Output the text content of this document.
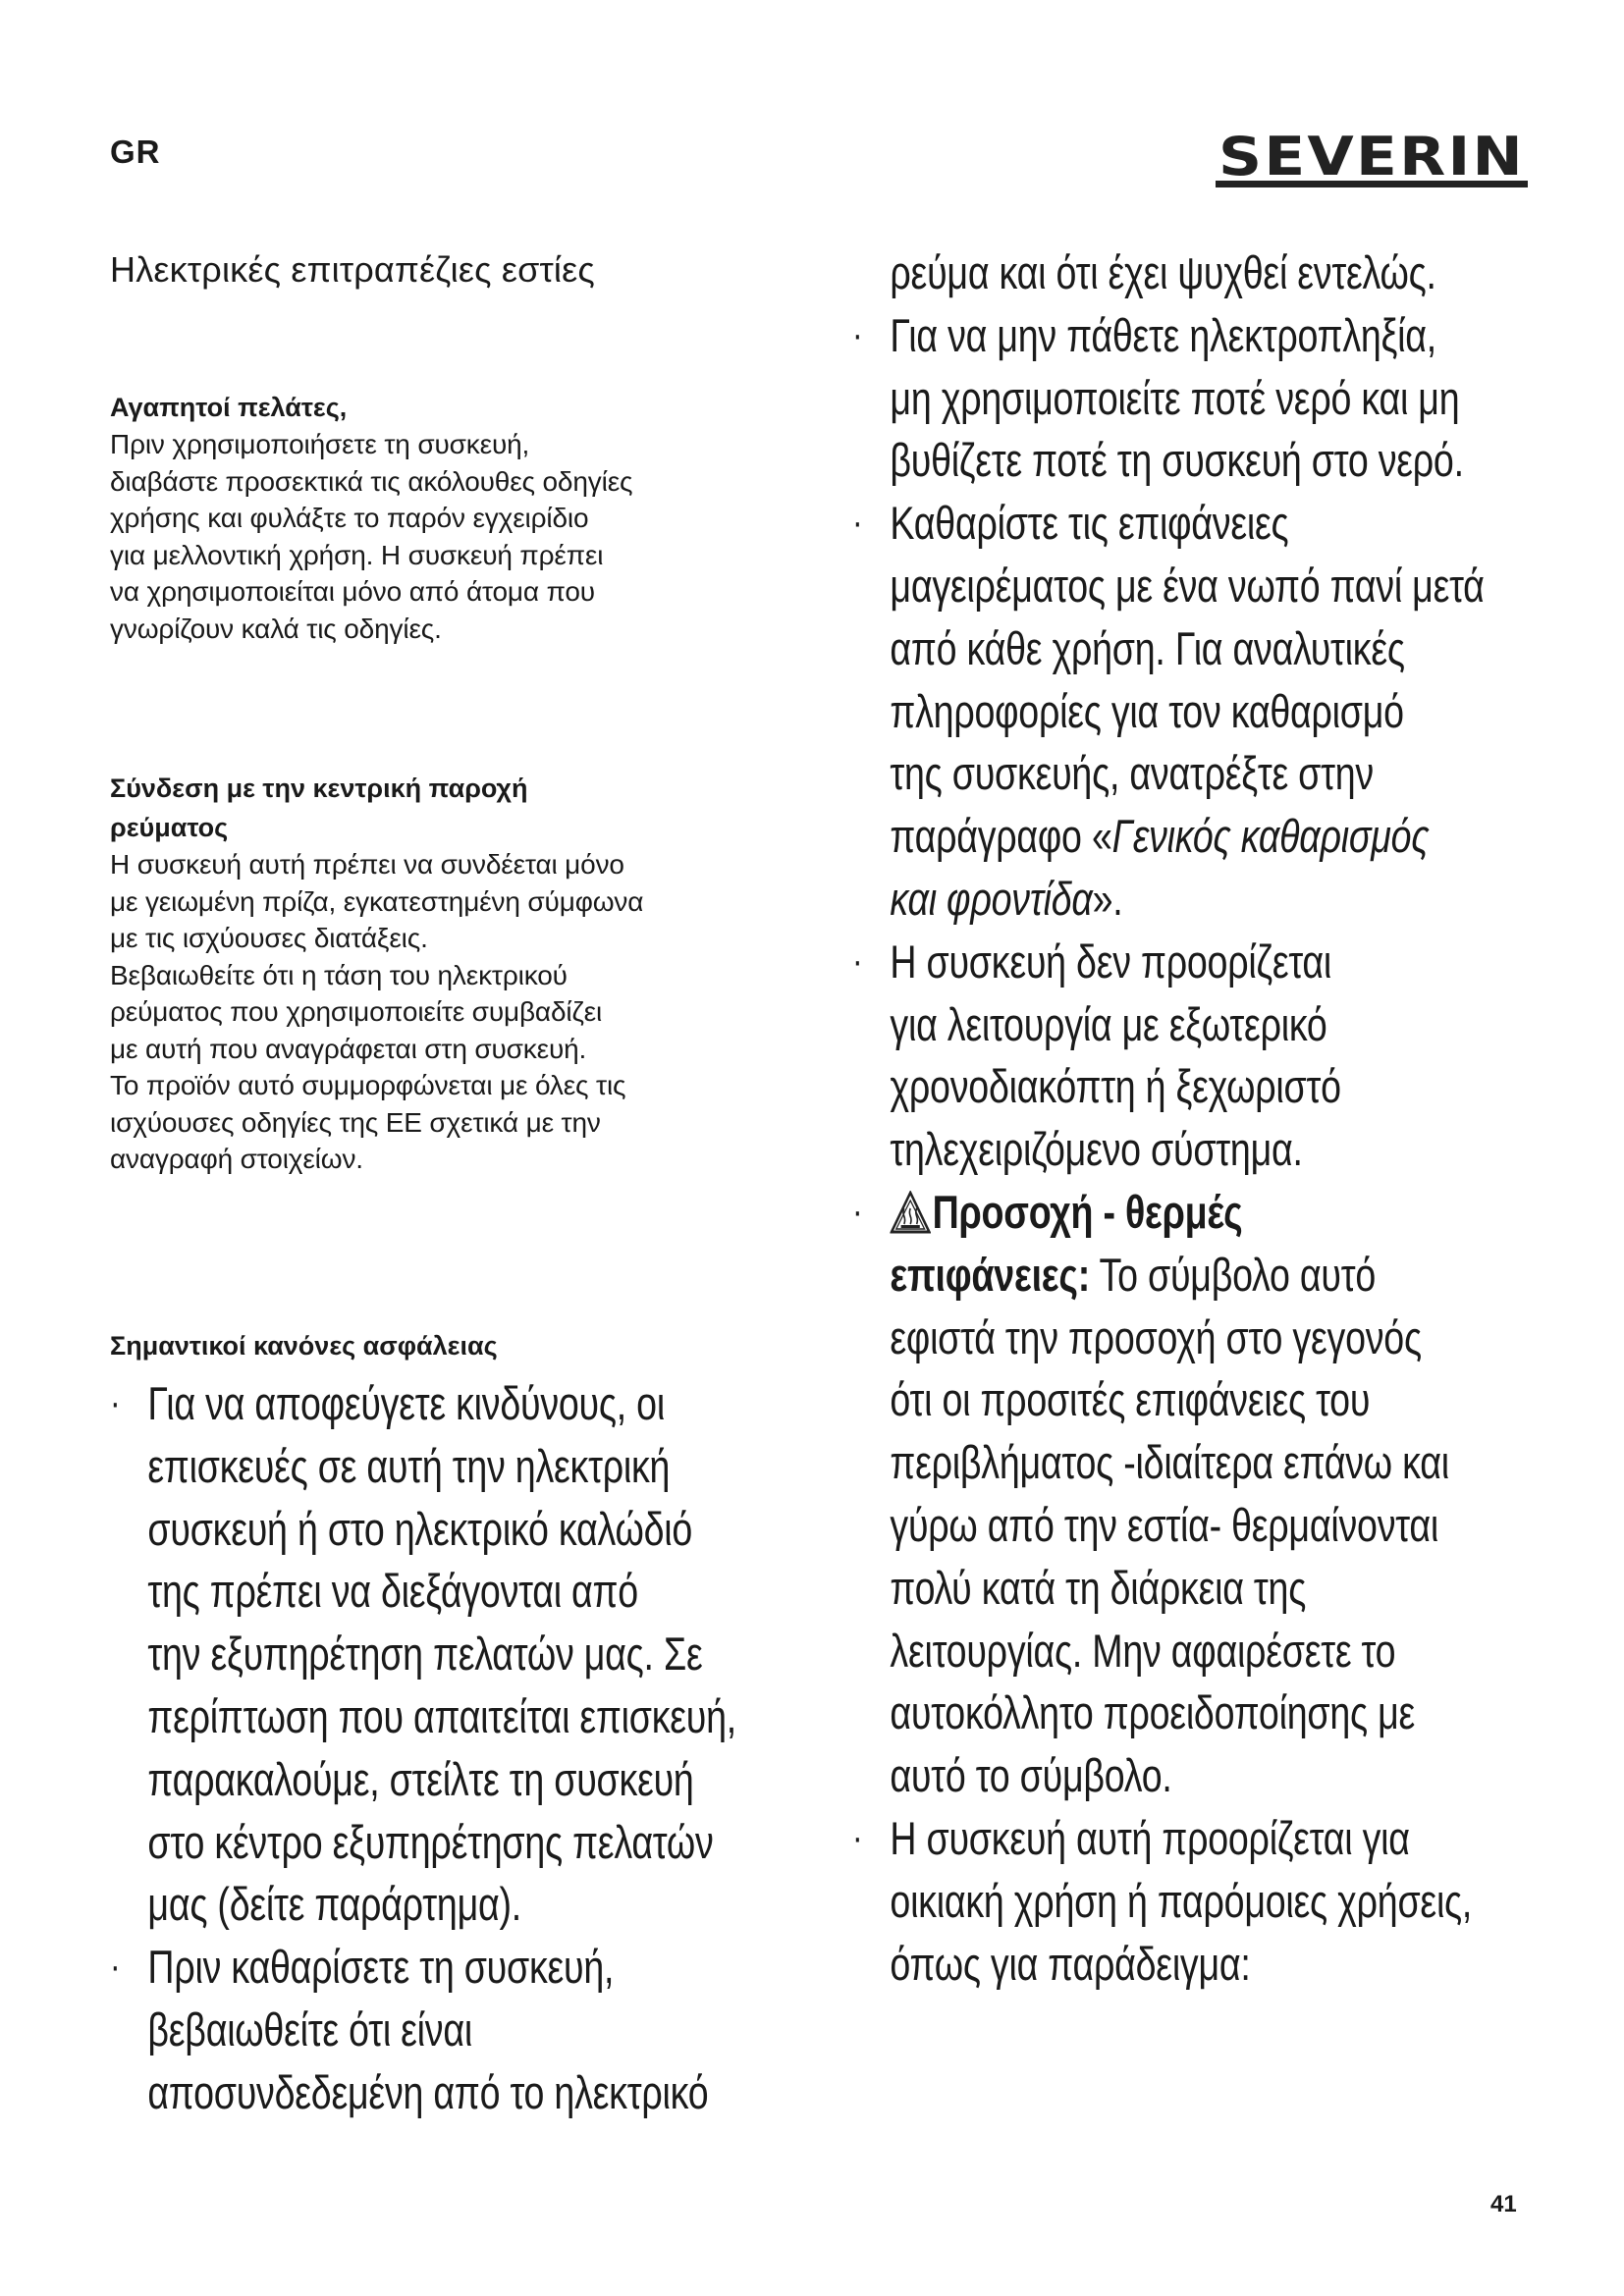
GR	SEVERIN
Ηλεκτρικές επιτραπέζιες εστίες
Αγαπητοί πελάτες,
Πριν χρησιμοποιήσετε τη συσκευή,
διαβάστε προσεκτικά τις ακόλουθες οδηγίες
χρήσης και φυλάξτε το παρόν εγχειρίδιο
για μελλοντική χρήση. Η συσκευή πρέπει
να χρησιμοποιείται μόνο από άτομα που
γνωρίζουν καλά τις οδηγίες.
Σύνδεση με την κεντρική παροχή
ρεύματος
Η συσκευή αυτή πρέπει να συνδέεται μόνο
με γειωμένη πρίζα, εγκατεστημένη σύμφωνα
με τις ισχύουσες διατάξεις.
Βεβαιωθείτε ότι η τάση του ηλεκτρικού
ρεύματος που χρησιμοποιείτε συμβαδίζει
με αυτή που αναγράφεται στη συσκευή.
Το προϊόν αυτό συμμορφώνεται με όλες τις
ισχύουσες οδηγίες της ΕΕ σχετικά με την
αναγραφή στοιχείων.
Σημαντικοί κανόνες ασφάλειας
· Για να αποφεύγετε κινδύνους, οι
επισκευές σε αυτή την ηλεκτρική
συσκευή ή στο ηλεκτρικό καλώδιό
της πρέπει να διεξάγονται από
την εξυπηρέτηση πελατών μας. Σε
περίπτωση που απαιτείται επισκευή,
παρακαλούμε, στείλτε τη συσκευή
στο κέντρο εξυπηρέτησης πελατών
μας (δείτε παράρτημα).
· Πριν καθαρίσετε τη συσκευή,
βεβαιωθείτε ότι είναι
αποσυνδεδεμένη από το ηλεκτρικό
ρεύμα και ότι έχει ψυχθεί εντελώς.
· Για να μην πάθετε ηλεκτροπληξία,
μη χρησιμοποιείτε ποτέ νερό και μη
βυθίζετε ποτέ τη συσκευή στο νερό.
· Καθαρίστε τις επιφάνειες
μαγειρέματος με ένα νωπό πανί μετά
από κάθε χρήση. Για αναλυτικές
πληροφορίες για τον καθαρισμό
της συσκευής, ανατρέξτε στην
παράγραφο «Γενικός καθαρισμός
και φροντίδα».
· Η συσκευή δεν προορίζεται
για λειτουργία με εξωτερικό
χρονοδιακόπτη ή ξεχωριστό
τηλεχειριζόμενο σύστημα.
·	Προσοχή - θερμές
επιφάνειες: Το σύμβολο αυτό
εφιστά την προσοχή στο γεγονός
ότι οι προσιτές επιφάνειες του
περιβλήματος -ιδιαίτερα επάνω και
γύρω από την εστία- θερμαίνονται
πολύ κατά τη διάρκεια της
λειτουργίας. Μην αφαιρέσετε το
αυτοκόλλητο προειδοποίησης με
αυτό το σύμβολο.
· Η συσκευή αυτή προορίζεται για
οικιακή χρήση ή παρόμοιες χρήσεις,
όπως για παράδειγμα:
41
